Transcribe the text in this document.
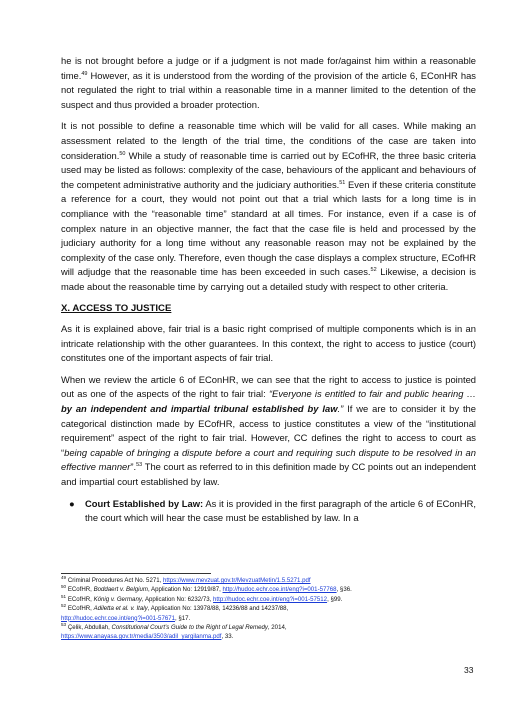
he is not brought before a judge or if a judgment is not made for/against him within a reasonable time.$^{49}$ However, as it is understood from the wording of the provision of the article 6, EConHR has not regulated the right to trial within a reasonable time in a manner limited to the detention of the suspect and thus provided a broader protection.

It is not possible to define a reasonable time which will be valid for all cases. While making an assessment related to the length of the trial time, the conditions of the case are taken into consideration.$^{50}$ While a study of reasonable time is carried out by ECofHR, the three basic criteria used may be listed as follows: complexity of the case, behaviours of the applicant and behaviours of the competent administrative authority and the judiciary authorities.$^{51}$ Even if these criteria constitute a reference for a court, they would not point out that a trial which lasts for a long time is in compliance with the “reasonable time” standard at all times. For instance, even if a case is of complex nature in an objective manner, the fact that the case file is held and processed by the judiciary authority for a long time without any reasonable reason may not be explained by the complexity of the case only. Therefore, even though the case displays a complex structure, ECofHR will adjudge that the reasonable time has been exceeded in such cases.$^{52}$ Likewise, a decision is made about the reasonable time by carrying out a detailed study with respect to other criteria.

X. ACCESS TO JUSTICE

As it is explained above, fair trial is a basic right comprised of multiple components which is in an intricate relationship with the other guarantees. In this context, the right to access to justice (court) constitutes one of the important aspects of fair trial.

When we review the article 6 of EConHR, we can see that the right to access to justice is pointed out as one of the aspects of the right to fair trial: “Everyone is entitled to fair and public hearing … by an independent and impartial tribunal established by law.” If we are to consider it by the categorical distinction made by ECofHR, access to justice constitutes a view of the “institutional requirement” aspect of the right to fair trial. However, CC defines the right to access to court as “being capable of bringing a dispute before a court and requiring such dispute to be resolved in an effective manner”.$^{53}$ The court as referred to in this definition made by CC points out an independent and impartial court established by law.

● Court Established by Law: As it is provided in the first paragraph of the article 6 of EConHR, the court which will hear the case must be established by law. In a

$^{49}$ Criminal Procedures Act No. 5271, https://www.mevzuat.gov.tr/MevzuatMetin/1.5.5271.pdf

$^{50}$ ECofHR, Boddaert v. Belgium, Application No: 12919/87, http://hudoc.echr.coe.int/eng?i=001-57768, §36.

$^{51}$ ECofHR, König v. Germany, Application No: 6232/73, http://hudoc.echr.coe.int/eng?i=001-57512, §99.

$^{52}$ ECofHR, Adiletta et al. v. Italy, Application No: 13978/88, 14236/88 and 14237/88,

http://hudoc.echr.coe.int/eng?i=001-57671, §17.

$^{53}$ Çelik, Abdullah, Constitutional Court’s Guide to the Right of Legal Remedy, 2014,

https://www.anayasa.gov.tr/media/3503/adil_yargilanma.pdf, 33.

33
